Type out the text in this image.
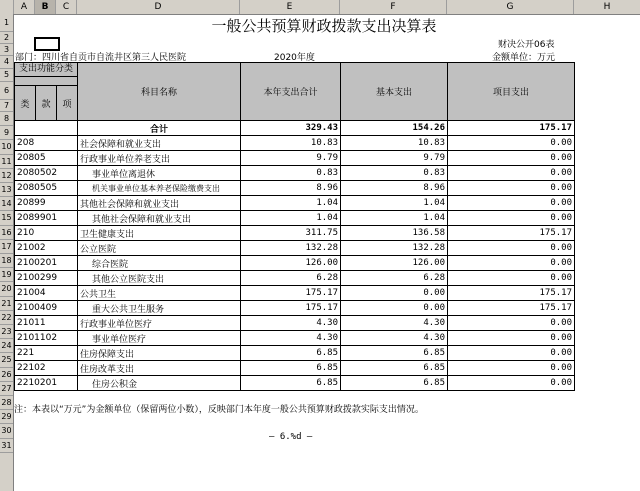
A	B	C	D	E	F	G	H
1
2
3
4
5
6
7
8
9
10
11
12
13
14
15
16
17
18
19
20
21
22
23
24
25
26
27
28
29
30
31
一般公共预算财政拨款支出决算表
财决公开06表
部门：四川省自贡市自流井区第三人民医院	2020年度	金额单位：万元
支出功能分类			科目名称	本年支出合计	基本支出	项目支出

类	款	项				
			合计	329.43	154.26	175.17
208			社会保障和就业支出	10.83	10.83	0.00
20805			行政事业单位养老支出	9.79	9.79	0.00
2080502			事业单位离退休	0.83	0.83	0.00
2080505			机关事业单位基本养老保险缴费支出	8.96	8.96	0.00
20899			其他社会保障和就业支出	1.04	1.04	0.00
2089901			其他社会保障和就业支出	1.04	1.04	0.00
210			卫生健康支出	311.75	136.58	175.17
21002			公立医院	132.28	132.28	0.00
2100201			综合医院	126.00	126.00	0.00
2100299			其他公立医院支出	6.28	6.28	0.00
21004			公共卫生	175.17	0.00	175.17
2100409			重大公共卫生服务	175.17	0.00	175.17
21011			行政事业单位医疗	4.30	4.30	0.00
2101102			事业单位医疗	4.30	4.30	0.00
221			住房保障支出	6.85	6.85	0.00
22102			住房改革支出	6.85	6.85	0.00
2210201			住房公积金	6.85	6.85	0.00
注：本表以“万元”为金额单位（保留两位小数），反映部门本年度一般公共预算财政拨款实际支出情况。
— 6.%d —
